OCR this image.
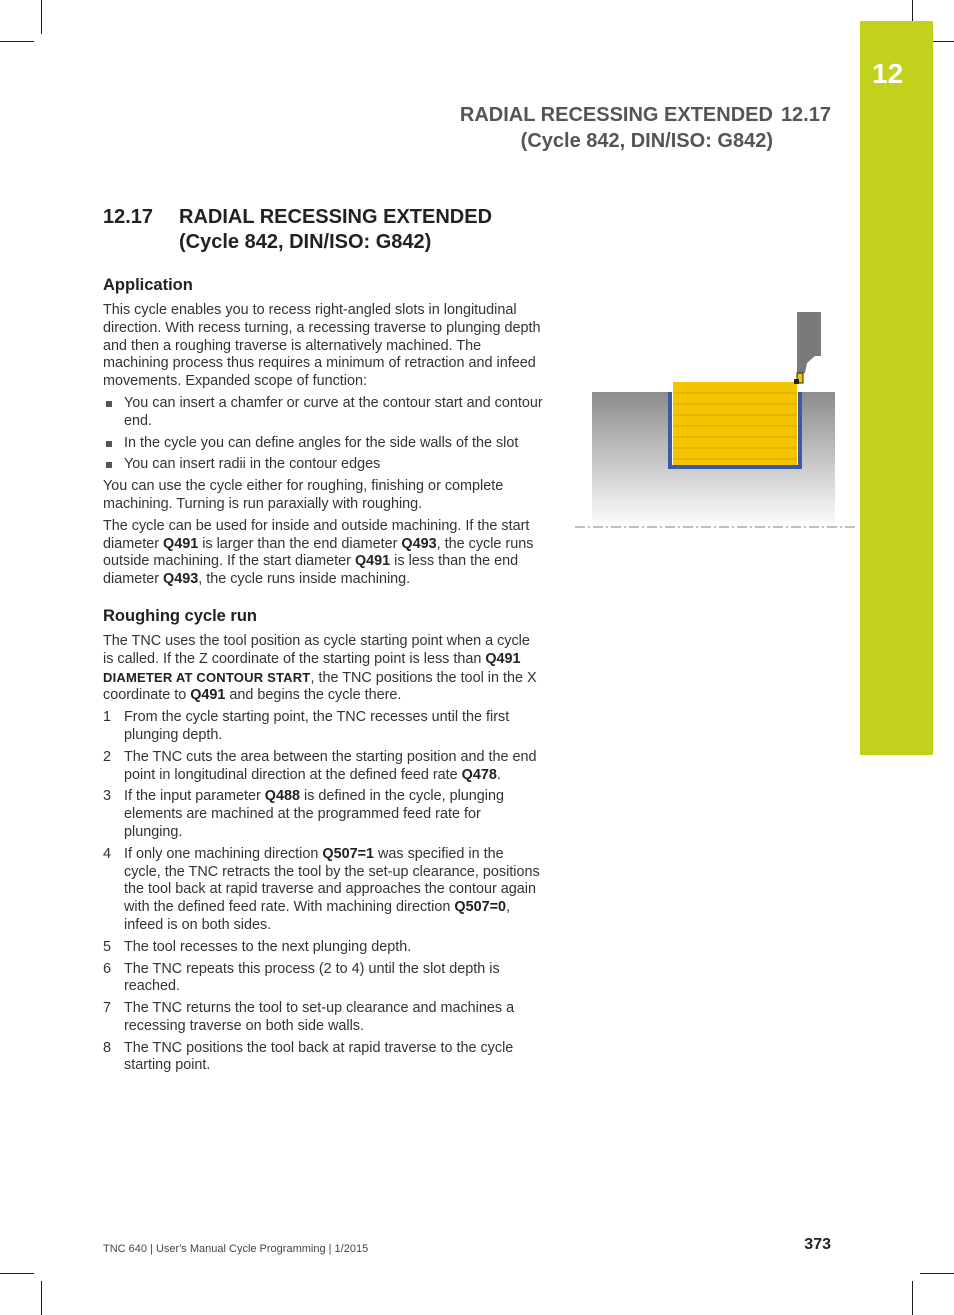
12
RADIAL RECESSING EXTENDED 12.17
(Cycle 842, DIN/ISO: G842)
12.17 RADIAL RECESSING EXTENDED
(Cycle 842, DIN/ISO: G842)
Application

This cycle enables you to recess right-angled slots in longitudinal direction. With recess turning, a recessing traverse to plunging depth and then a roughing traverse is alternatively machined. The machining process thus requires a minimum of retraction and infeed movements. Expanded scope of function:

You can insert a chamfer or curve at the contour start and contour end.
In the cycle you can define angles for the side walls of the slot
You can insert radii in the contour edges

You can use the cycle either for roughing, finishing or complete machining. Turning is run paraxially with roughing.

The cycle can be used for inside and outside machining. If the start diameter Q491 is larger than the end diameter Q493, the cycle runs outside machining. If the start diameter Q491 is less than the end diameter Q493, the cycle runs inside machining.

Roughing cycle run

The TNC uses the tool position as cycle starting point when a cycle is called. If the Z coordinate of the starting point is less than Q491 DIAMETER AT CONTOUR START, the TNC positions the tool in the X coordinate to Q491 and begins the cycle there.

1 From the cycle starting point, the TNC recesses until the first plunging depth.
2 The TNC cuts the area between the starting position and the end point in longitudinal direction at the defined feed rate Q478.
3 If the input parameter Q488 is defined in the cycle, plunging elements are machined at the programmed feed rate for plunging.
4 If only one machining direction Q507=1 was specified in the cycle, the TNC retracts the tool by the set-up clearance, positions the tool back at rapid traverse and approaches the contour again with the defined feed rate. With machining direction Q507=0, infeed is on both sides.
5 The tool recesses to the next plunging depth.
6 The TNC repeats this process (2 to 4) until the slot depth is reached.
7 The TNC returns the tool to set-up clearance and machines a recessing traverse on both side walls.
8 The TNC positions the tool back at rapid traverse to the cycle starting point.
TNC 640 | User's Manual Cycle Programming | 1/2015	373
